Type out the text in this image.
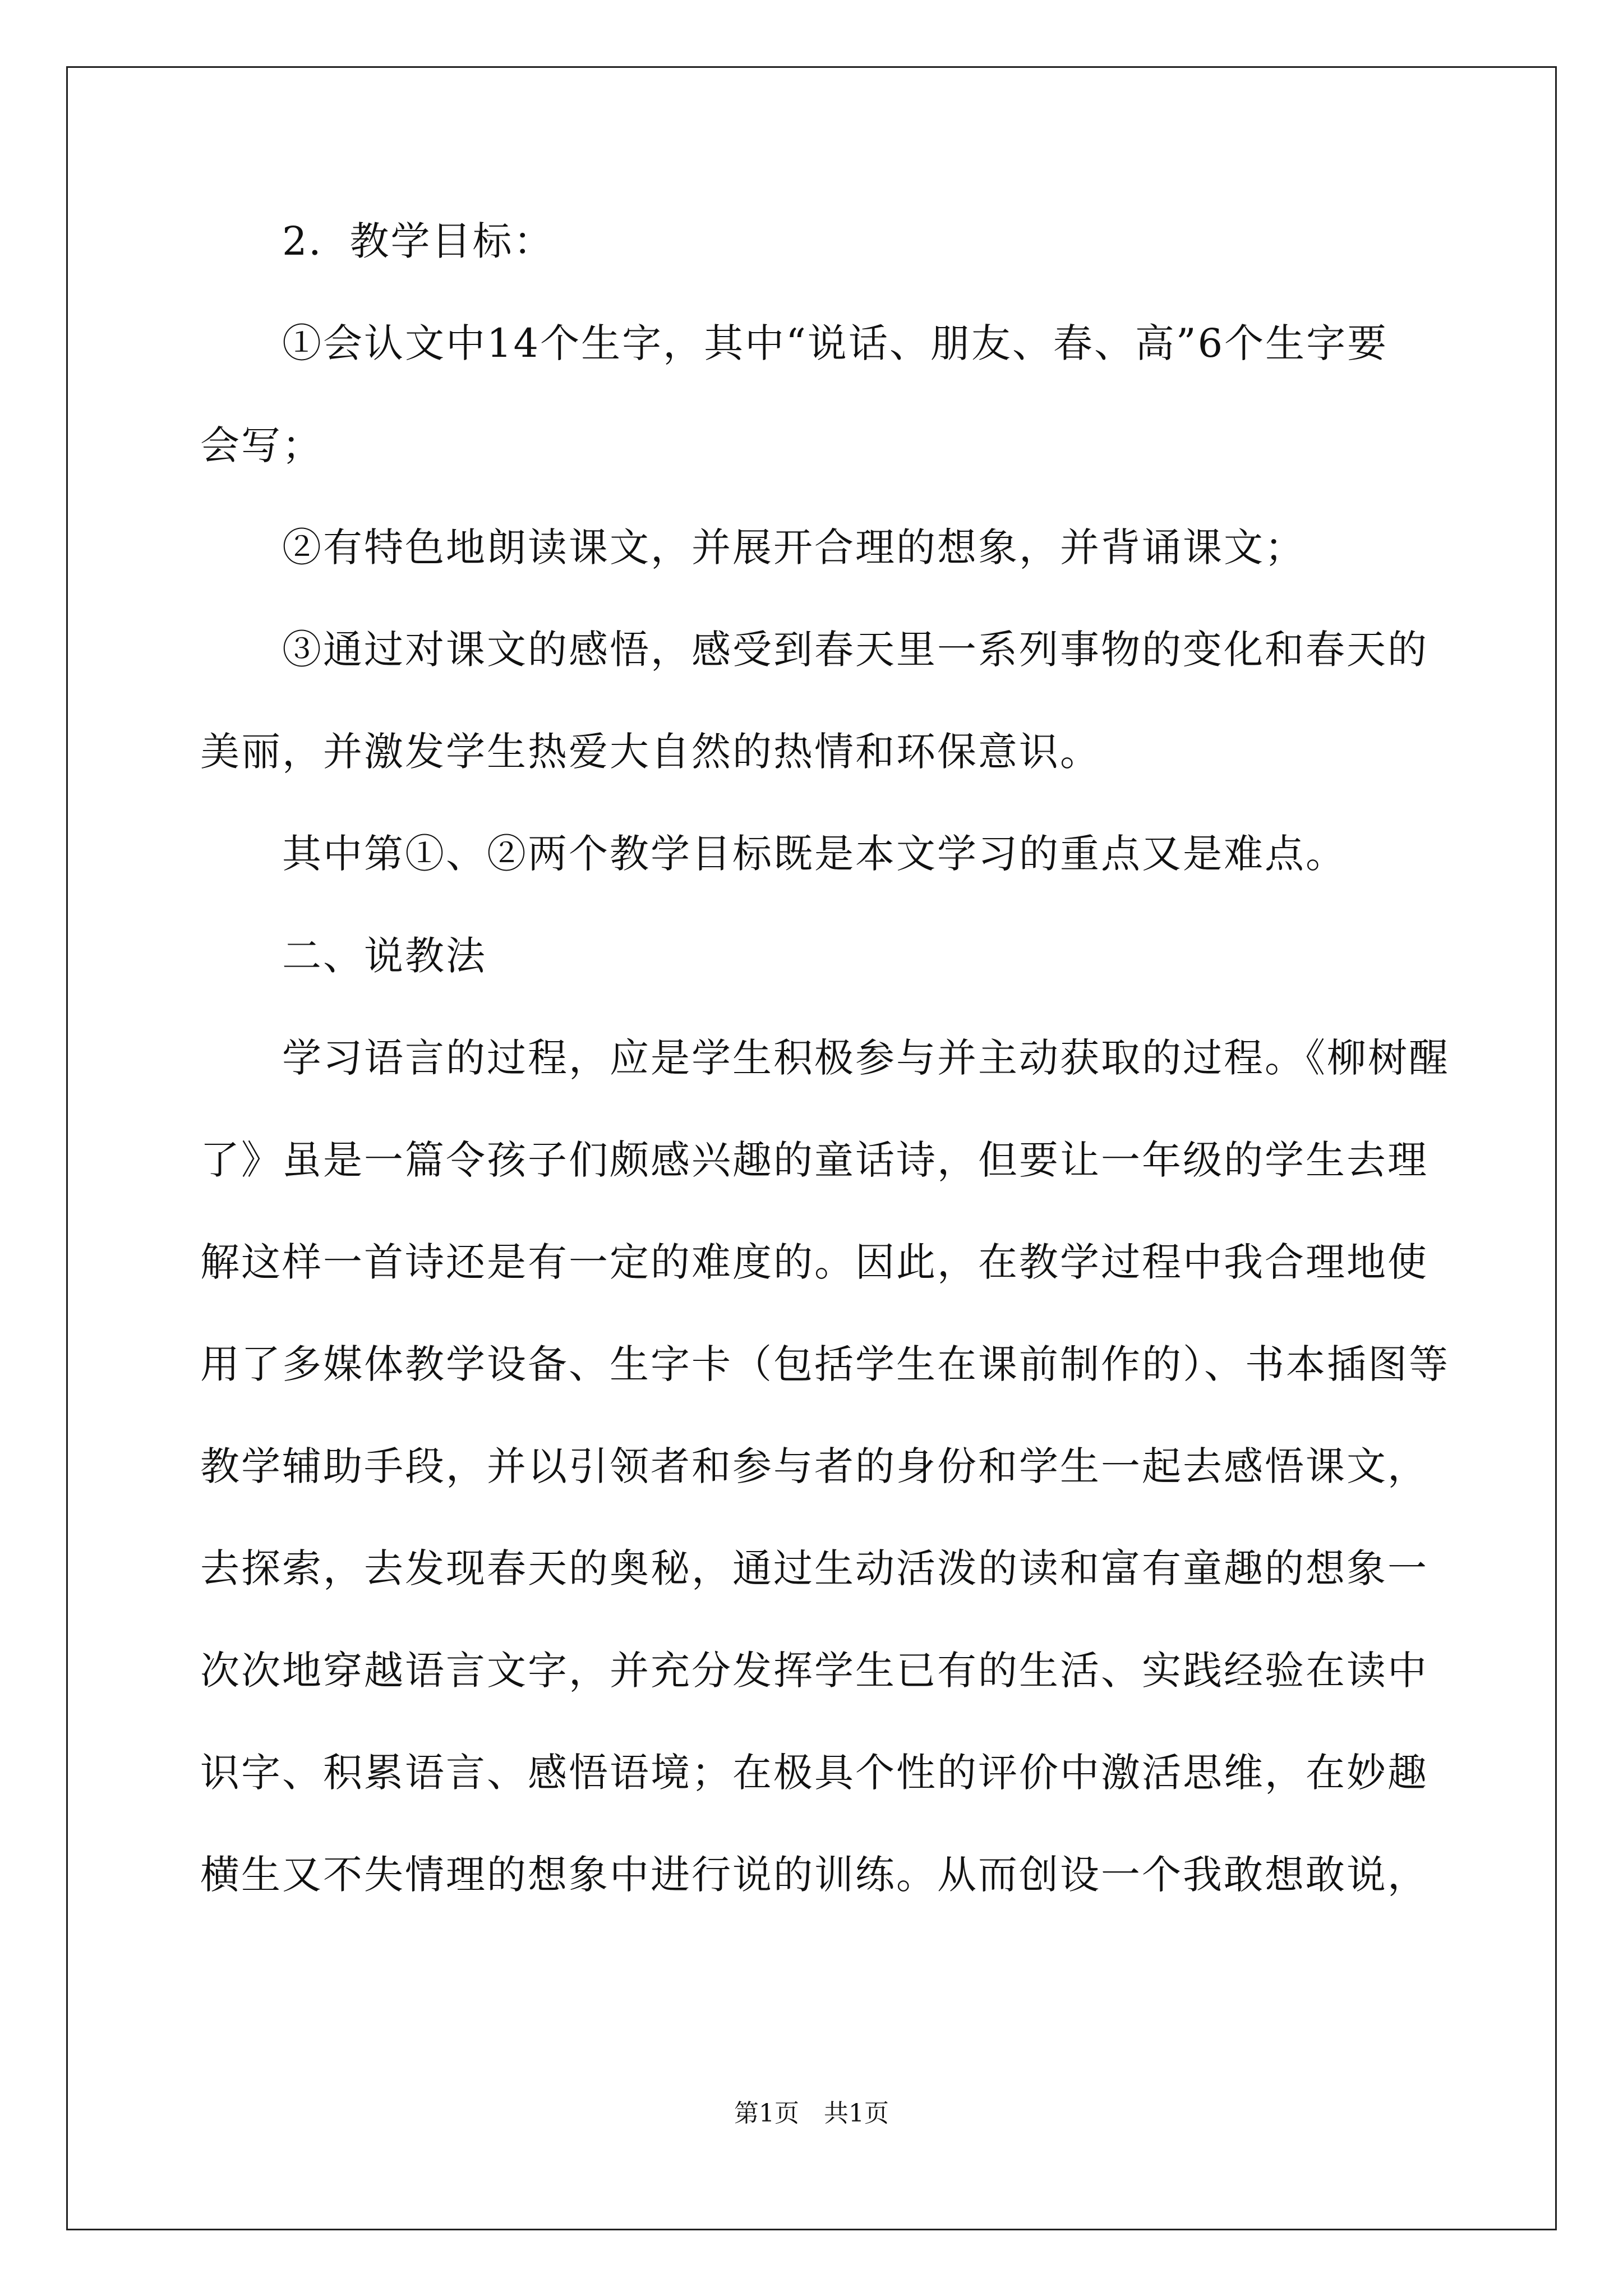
　　2．教学目标：
　　①会认文中14个生字，其中“说话、朋友、春、高”6个生字要
会写；
　　②有特色地朗读课文，并展开合理的想象，并背诵课文；
　　③通过对课文的感悟，感受到春天里一系列事物的变化和春天的
美丽，并激发学生热爱大自然的热情和环保意识。
　　其中第①、②两个教学目标既是本文学习的重点又是难点。
　　二、说教法
　　学习语言的过程，应是学生积极参与并主动获取的过程。《柳树醒
了》虽是一篇令孩子们颇感兴趣的童话诗，但要让一年级的学生去理
解这样一首诗还是有一定的难度的。因此，在教学过程中我合理地使
用了多媒体教学设备、生字卡（包括学生在课前制作的）、书本插图等
教学辅助手段，并以引领者和参与者的身份和学生一起去感悟课文，
去探索，去发现春天的奥秘，通过生动活泼的读和富有童趣的想象一
次次地穿越语言文字，并充分发挥学生已有的生活、实践经验在读中
识字、积累语言、感悟语境；在极具个性的评价中激活思维，在妙趣
横生又不失情理的想象中进行说的训练。从而创设一个我敢想敢说，
第1页　共1页
